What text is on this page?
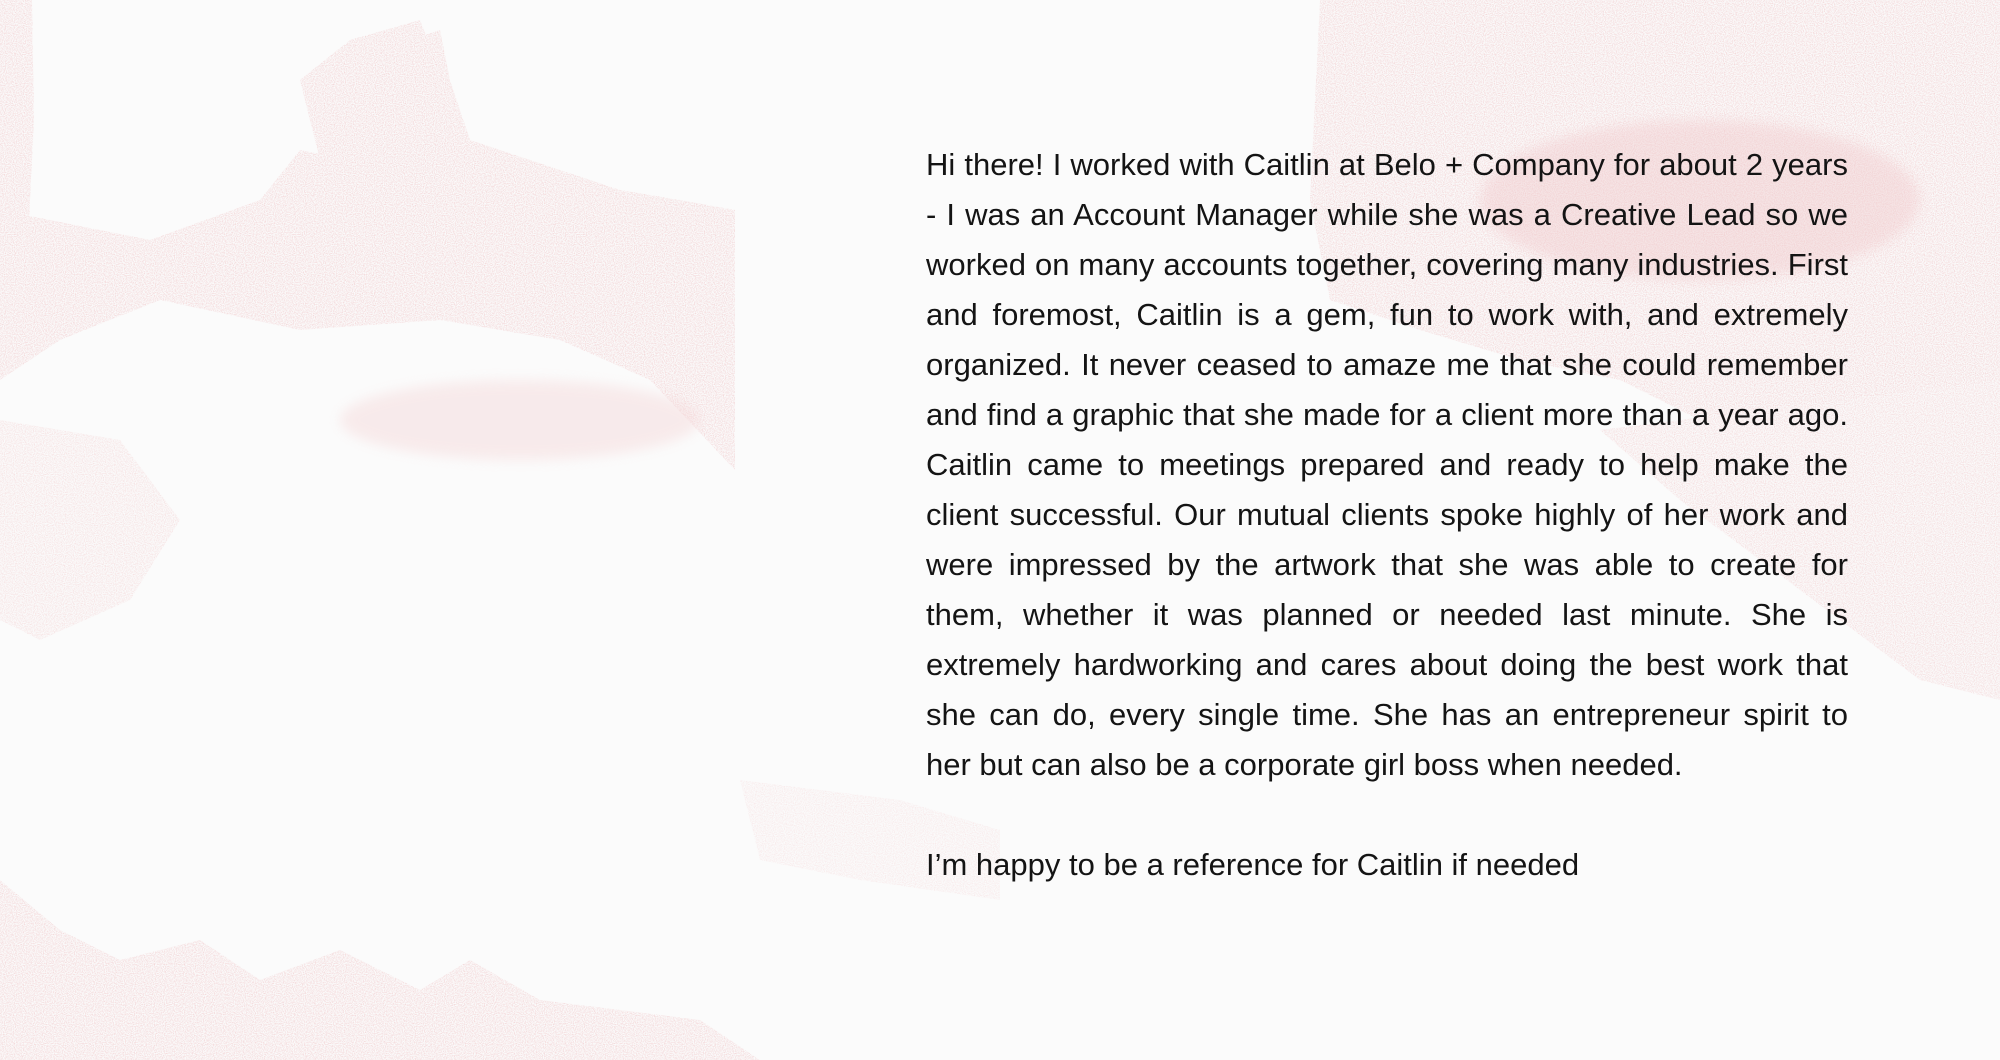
Hi there! I worked with Caitlin at Belo + Company for about 2 years - I was an Account Manager while she was a Creative Lead so we worked on many accounts together, covering many industries. First and foremost, Caitlin is a gem, fun to work with, and extremely organized. It never ceased to amaze me that she could remember and find a graphic that she made for a client more than a year ago. Caitlin came to meetings prepared and ready to help make the client successful. Our mutual clients spoke highly of her work and were impressed by the artwork that she was able to create for them, whether it was planned or needed last minute. She is extremely hardworking and cares about doing the best work that she can do, every single time. She has an entrepreneur spirit to her but can also be a corporate girl boss when needed.

I’m happy to be a reference for Caitlin if needed
